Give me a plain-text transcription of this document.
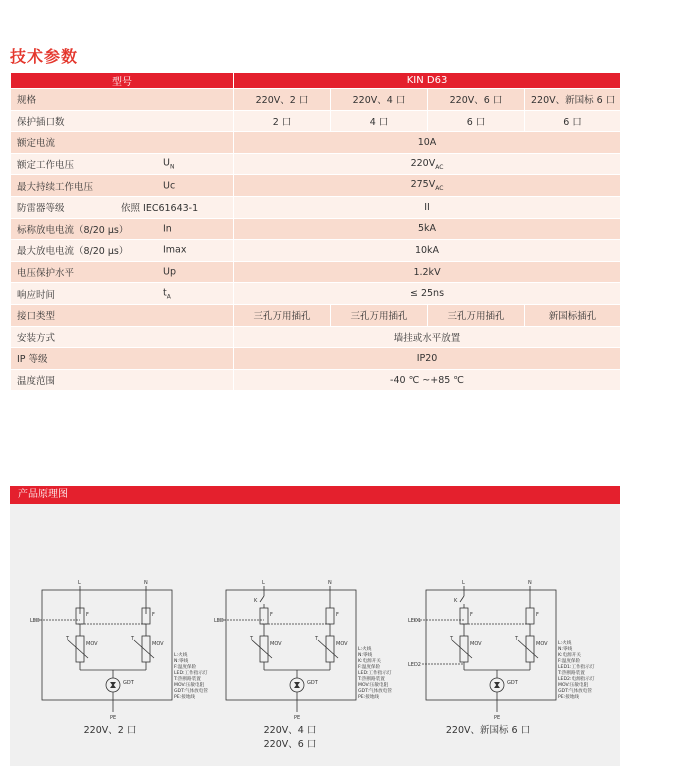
技术参数
型号	KIN D63			
规格	220V、2 口	220V、4 口	220V、6 口	220V、新国标 6 口
保护插口数	2 口	4 口	6 口	6 口
额定电流	10A			
额定工作电压 $U_N$	$220V_{AC}$
最大持续工作电压 Uc	$275V_{AC}$
防雷器等级 依照 IEC61643-1	II			
标称放电电流（8/20 μs） In	5kA			
最大放电电流（8/20 μs） Imax	10kA			
电压保护水平 Up	1.2kV			
响应时间 $t_A$	≤ 25ns			
接口类型	三孔万用插孔	三孔万用插孔	三孔万用插孔	新国标插孔
安装方式	墙挂或水平放置			
IP 等级	IP20			
温度范围	-40 ℃ ~+85 ℃			
产品原理图
L	N
F	F
T	T
MOV	MOV
GDT
PE
LED
L:火线
N:零线
F:温度保险
LED:工作指示灯
T:热断路装置
MOV:压敏电阻
GDT:气体放电管
PE:接地线
L	N
K
F	F
T	T
MOV	MOV
GDT
PE
LED
L:火线
N:零线
K:电源开关
F:温度保险
LED:工作指示灯
T:热断路装置
MOV:压敏电阻
GDT:气体放电管
PE:接地线
L	N
K
F	F
T	T
MOV	MOV
GDT
PE
LED1
LED2
L:火线
N:零线
K:电源开关
F:温度保险
LED1:工作指示灯
T:热断路装置
LED2:电源指示灯
MOV:压敏电阻
GDT:气体放电管
PE:接地线
220V、2 口	220V、4 口
220V、6 口
220V、新国标 6 口
